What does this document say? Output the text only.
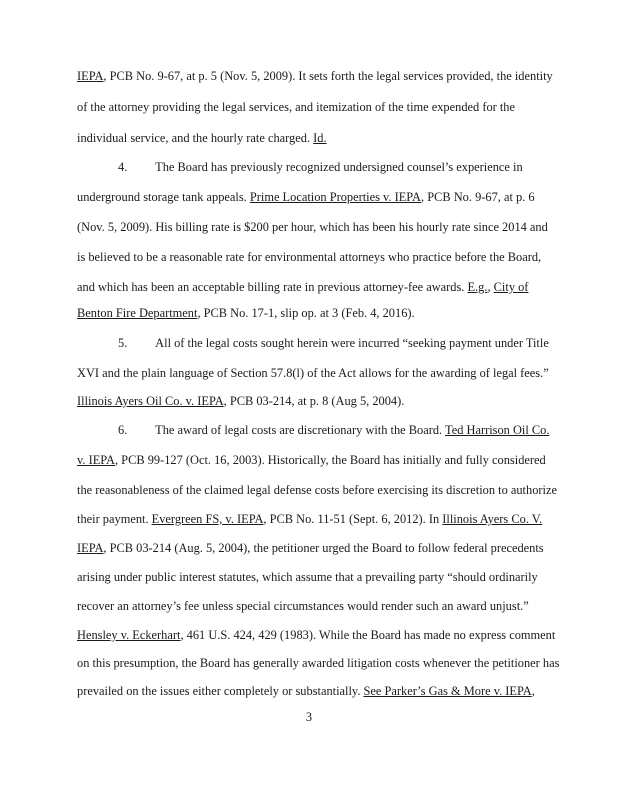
IEPA, PCB No. 9-67, at p. 5 (Nov. 5, 2009). It sets forth the legal services provided, the identity
of the attorney providing the legal services, and itemization of the time expended for the
individual service, and the hourly rate charged. Id.
4.         The Board has previously recognized undersigned counsel’s experience in
underground storage tank appeals. Prime Location Properties v. IEPA, PCB No. 9-67, at p. 6
(Nov. 5, 2009). His billing rate is $200 per hour, which has been his hourly rate since 2014 and
is believed to be a reasonable rate for environmental attorneys who practice before the Board,
and which has been an acceptable billing rate in previous attorney-fee awards. E.g., City of
Benton Fire Department, PCB No. 17-1, slip op. at 3 (Feb. 4, 2016).
5.         All of the legal costs sought herein were incurred “seeking payment under Title
XVI and the plain language of Section 57.8(l) of the Act allows for the awarding of legal fees.”
Illinois Ayers Oil Co. v. IEPA, PCB 03-214, at p. 8 (Aug 5, 2004).
6.         The award of legal costs are discretionary with the Board. Ted Harrison Oil Co.
v. IEPA, PCB 99-127 (Oct. 16, 2003). Historically, the Board has initially and fully considered
the reasonableness of the claimed legal defense costs before exercising its discretion to authorize
their payment. Evergreen FS, v. IEPA, PCB No. 11-51 (Sept. 6, 2012). In Illinois Ayers Co. V.
IEPA, PCB 03-214 (Aug. 5, 2004), the petitioner urged the Board to follow federal precedents
arising under public interest statutes, which assume that a prevailing party “should ordinarily
recover an attorney’s fee unless special circumstances would render such an award unjust.”
Hensley v. Eckerhart, 461 U.S. 424, 429 (1983). While the Board has made no express comment
on this presumption, the Board has generally awarded litigation costs whenever the petitioner has
prevailed on the issues either completely or substantially. See Parker’s Gas & More v. IEPA,
3
